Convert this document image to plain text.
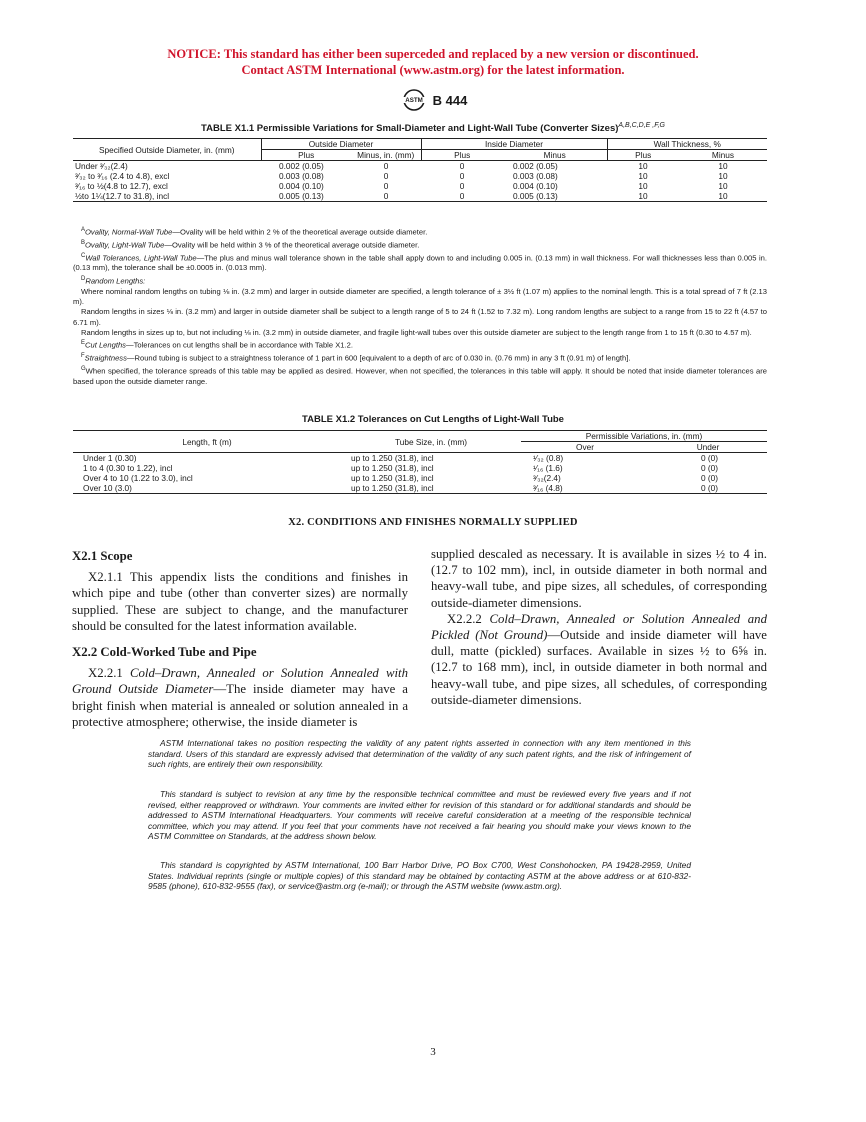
NOTICE: This standard has either been superceded and replaced by a new version or discontinued.
Contact ASTM International (www.astm.org) for the latest information.
ASTM B 444
TABLE X1.1 Permissible Variations for Small-Diameter and Light-Wall Tube (Converter Sizes)$^{A,B,C,D,E ,F,G}$
Specified Outside Diameter, in. (mm)	Outside Diameter		Inside Diameter		Wall Thickness, %	
	Plus	Minus, in. (mm)	Plus	Minus	Plus	Minus
Under ³⁄₃₂(2.4)	0.002 (0.05)	0	0	0.002 (0.05)	10	10
³⁄₃₂ to ³⁄₁₆ (2.4 to 4.8), excl	0.003 (0.08)	0	0	0.003 (0.08)	10	10
³⁄₁₆ to ½(4.8 to 12.7), excl	0.004 (0.10)	0	0	0.004 (0.10)	10	10
½to 1¼(12.7 to 31.8), incl	0.005 (0.13)	0	0	0.005 (0.13)	10	10

$^A$Ovality, Normal-Wall Tube—Ovality will be held within 2 % of the theoretical average outside diameter.

$^B$Ovality, Light-Wall Tube—Ovality will be held within 3 % of the theoretical average outside diameter.

$^C$Wall Tolerances, Light-Wall Tube—The plus and minus wall tolerance shown in the table shall apply down to and including 0.005 in. (0.13 mm) in wall thickness. For wall thicknesses less than 0.005 in. (0.13 mm), the tolerance shall be ±0.0005 in. (0.013 mm).

$^D$Random Lengths:

Where nominal random lengths on tubing ⅛ in. (3.2 mm) and larger in outside diameter are specified, a length tolerance of ± 3½ ft (1.07 m) applies to the nominal length. This is a total spread of 7 ft (2.13 m).

Random lengths in sizes ⅛ in. (3.2 mm) and larger in outside diameter shall be subject to a length range of 5 to 24 ft (1.52 to 7.32 m). Long random lengths are subject to a range from 15 to 22 ft (4.57 to 6.71 m).

Random lengths in sizes up to, but not including ⅛ in. (3.2 mm) in outside diameter, and fragile light-wall tubes over this outside diameter are subject to the length range from 1 to 15 ft (0.30 to 4.57 m).

$^E$Cut Lengths—Tolerances on cut lengths shall be in accordance with Table X1.2.

$^F$Straightness—Round tubing is subject to a straightness tolerance of 1 part in 600 [equivalent to a depth of arc of 0.030 in. (0.76 mm) in any 3 ft (0.91 m) of length].

$^G$When specified, the tolerance spreads of this table may be applied as desired. However, when not specified, the tolerances in this table will apply. It should be noted that inside diameter tolerances are based upon the outside diameter range.

TABLE X1.2 Tolerances on Cut Lengths of Light-Wall Tube
Length, ft (m)	Tube Size, in. (mm)	Permissible Variations, in. (mm)	
		Over	Under
Under 1 (0.30)	up to 1.250 (31.8), incl	¹⁄₃₂ (0.8)	0 (0)
1 to 4 (0.30 to 1.22), incl	up to 1.250 (31.8), incl	¹⁄₁₆ (1.6)	0 (0)
Over 4 to 10 (1.22 to 3.0), incl	up to 1.250 (31.8), incl	³⁄₃₂(2.4)	0 (0)
Over 10 (3.0)	up to 1.250 (31.8), incl	³⁄₁₆ (4.8)	0 (0)
X2. CONDITIONS AND FINISHES NORMALLY SUPPLIED
X2.1 Scope

X2.1.1 This appendix lists the conditions and finishes in which pipe and tube (other than converter sizes) are normally supplied. These are subject to change, and the manufacturer should be consulted for the latest information available.

X2.2 Cold-Worked Tube and Pipe

X2.2.1 Cold–Drawn, Annealed or Solution Annealed with Ground Outside Diameter—The inside diameter may have a bright finish when material is annealed or solution annealed in a protective atmosphere; otherwise, the inside diameter is

supplied descaled as necessary. It is available in sizes ½ to 4 in. (12.7 to 102 mm), incl, in outside diameter in both normal and heavy-wall tube, and pipe sizes, all schedules, of corresponding outside-diameter dimensions.

X2.2.2 Cold–Drawn, Annealed or Solution Annealed and Pickled (Not Ground)—Outside and inside diameter will have dull, matte (pickled) surfaces. Available in sizes ½ to 6⅝ in. (12.7 to 168 mm), incl, in outside diameter in both normal and heavy-wall tube, and pipe sizes, all schedules, of corresponding outside-diameter dimensions.

ASTM International takes no position respecting the validity of any patent rights asserted in connection with any item mentioned in this standard. Users of this standard are expressly advised that determination of the validity of any such patent rights, and the risk of infringement of such rights, are entirely their own responsibility.

This standard is subject to revision at any time by the responsible technical committee and must be reviewed every five years and if not revised, either reapproved or withdrawn. Your comments are invited either for revision of this standard or for additional standards and should be addressed to ASTM International Headquarters. Your comments will receive careful consideration at a meeting of the responsible technical committee, which you may attend. If you feel that your comments have not received a fair hearing you should make your views known to the ASTM Committee on Standards, at the address shown below.

This standard is copyrighted by ASTM International, 100 Barr Harbor Drive, PO Box C700, West Conshohocken, PA 19428-2959, United States. Individual reprints (single or multiple copies) of this standard may be obtained by contacting ASTM at the above address or at 610-832-9585 (phone), 610-832-9555 (fax), or service@astm.org (e-mail); or through the ASTM website (www.astm.org).

3
